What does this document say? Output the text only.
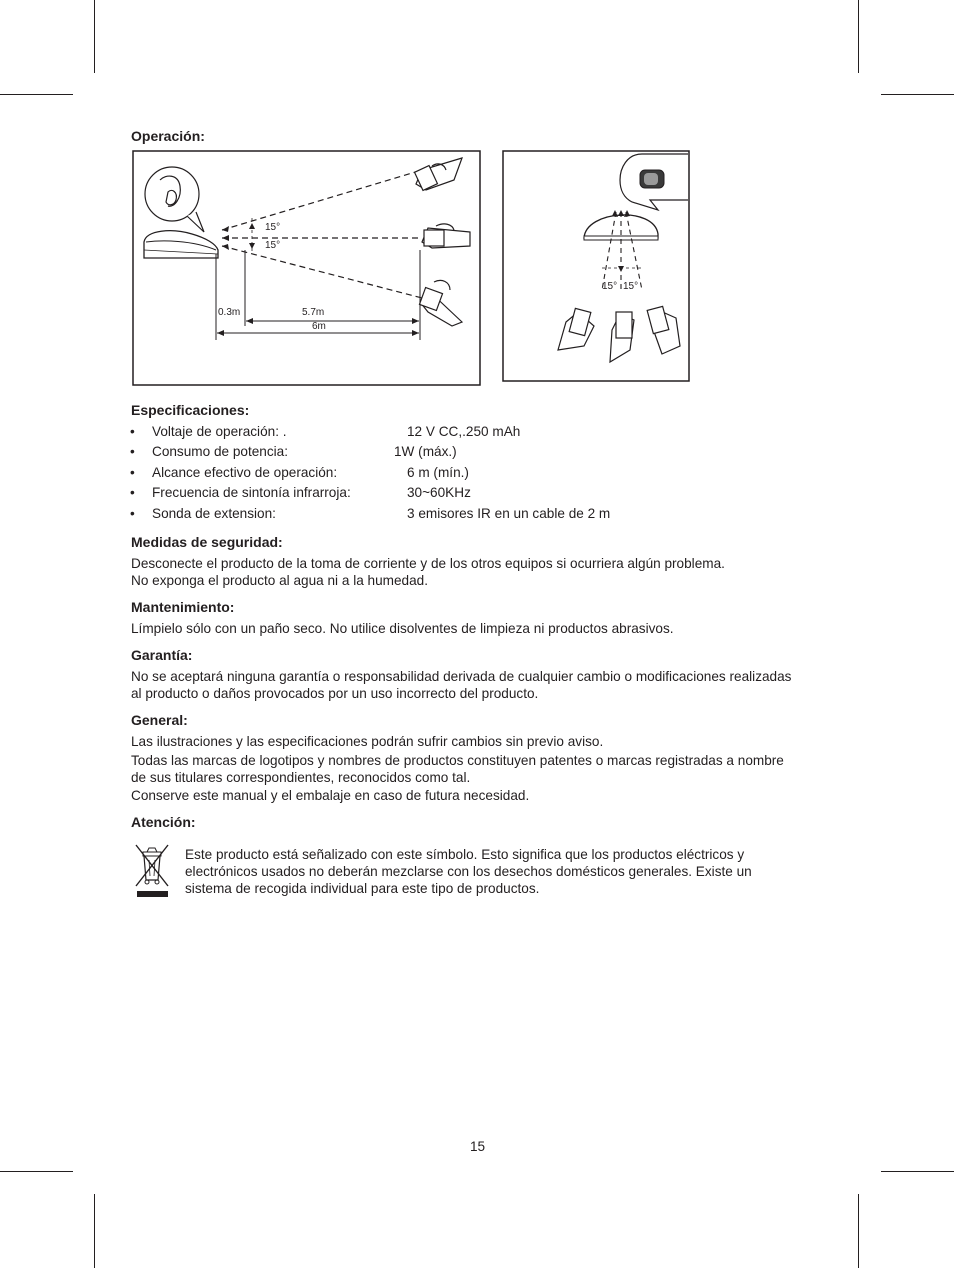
Operación:
15°
15°
0.3m	5.7m
6m
15° 15°
Especificaciones:
• Voltaje de operación: .	12 V CC,.250 mAh
• Consumo de potencia:	1W (máx.)
• Alcance efectivo de operación:	6 m (mín.)
• Frecuencia de sintonía infrarroja:	30~60KHz
• Sonda de extension:	3 emisores IR en un cable de 2 m
Medidas de seguridad:
Desconecte el producto de la toma de corriente y de los otros equipos si ocurriera algún problema.
No exponga el producto al agua ni a la humedad.
Mantenimiento:
Límpielo sólo con un paño seco. No utilice disolventes de limpieza ni productos abrasivos.
Garantía:
No se aceptará ninguna garantía o responsabilidad derivada de cualquier cambio o modificaciones realizadas
al producto o daños provocados por un uso incorrecto del producto.
General:
Las ilustraciones y las especificaciones podrán sufrir cambios sin previo aviso.
Todas las marcas de logotipos y nombres de productos constituyen patentes o marcas registradas a nombre
de sus titulares correspondientes, reconocidos como tal.
Conserve este manual y el embalaje en caso de futura necesidad.
Atención:
Este producto está señalizado con este símbolo. Esto significa que los productos eléctricos y
electrónicos usados no deberán mezclarse con los desechos domésticos generales. Existe un
sistema de recogida individual para este tipo de productos.
15
